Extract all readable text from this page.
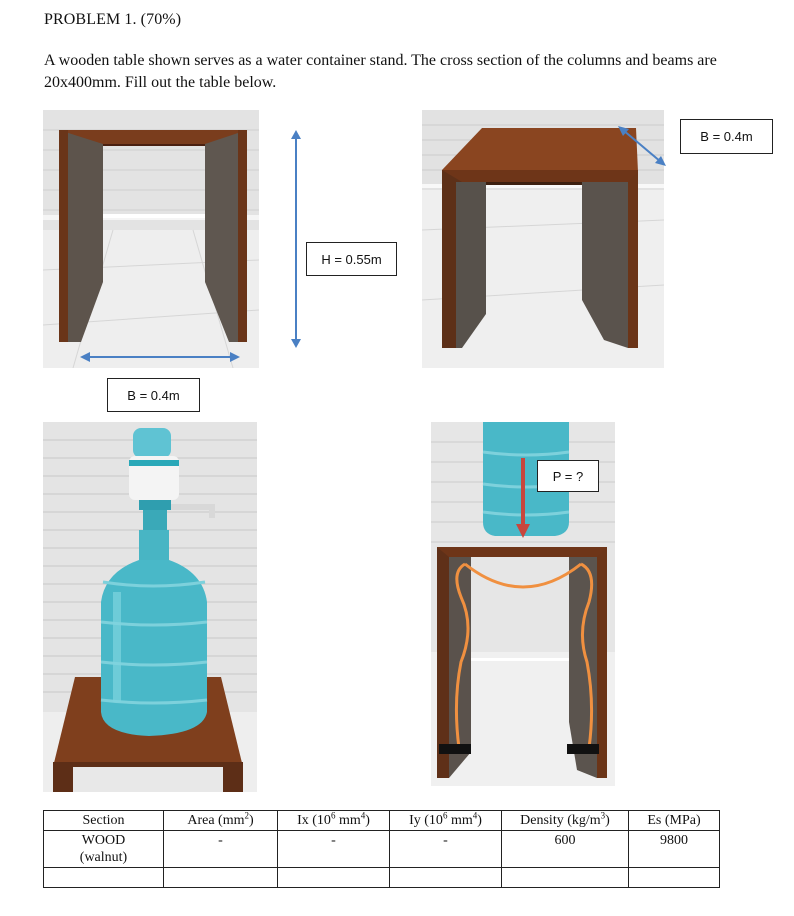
PROBLEM 1. (70%)
A wooden table shown serves as a water container stand. The cross section of the columns and beams are 20x400mm. Fill out the table below.
H = 0.55m
B = 0.4m
B = 0.4m
P = ?
Section	Area $(mm^2)$	Ix ($10^6$ $mm^4$)	Iy ($10^6$ $mm^4$)	Density $(kg/m^3)$	Es (MPa)

WOOD
(walnut)	-	-	-	600	9800
